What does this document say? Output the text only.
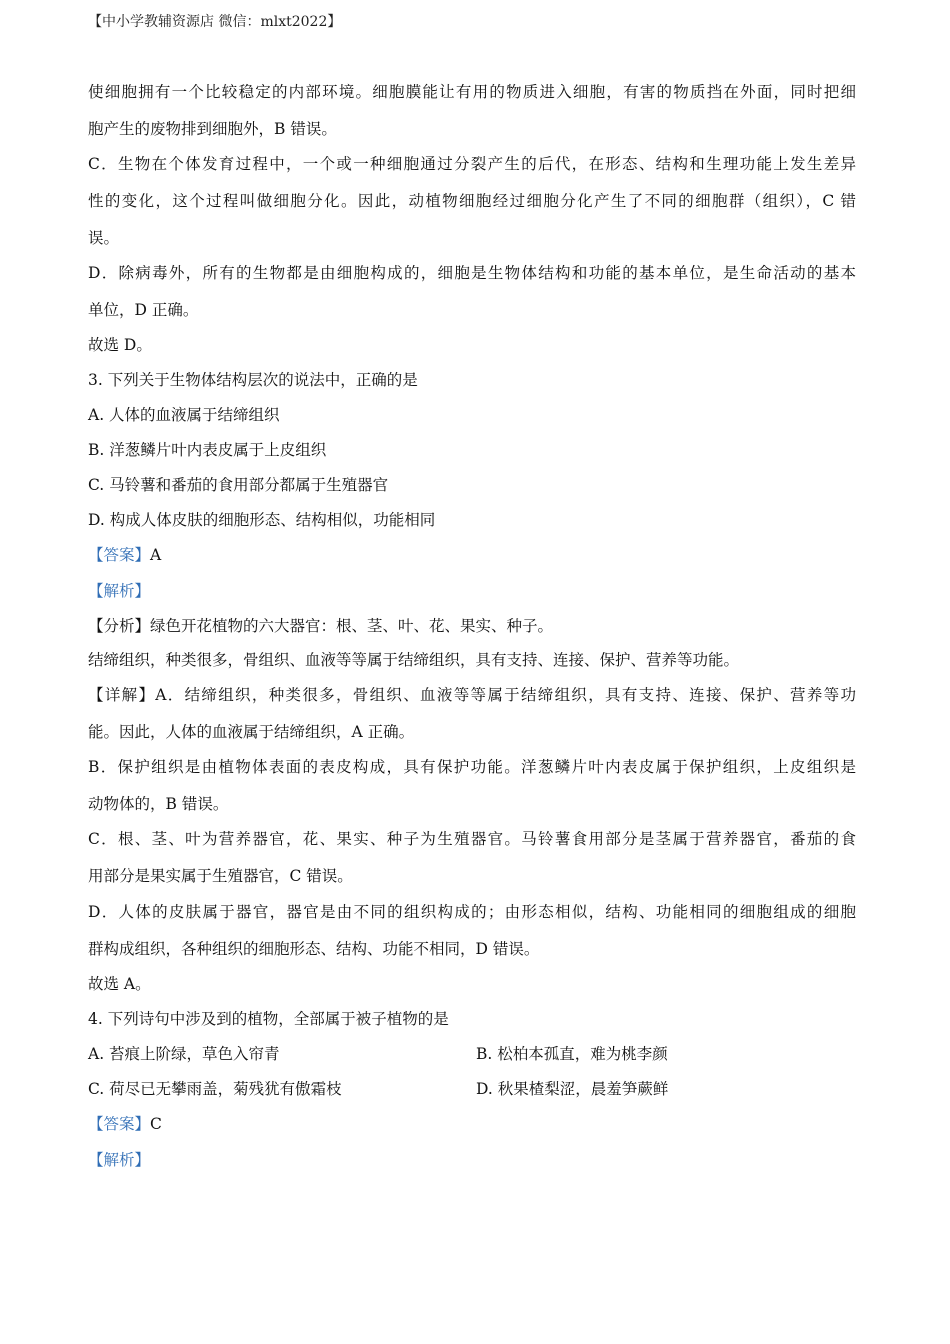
【中小学教辅资源店 微信：mlxt2022】
使细胞拥有一个比较稳定的内部环境。细胞膜能让有用的物质进入细胞，有害的物质挡在外面，同时把细
胞产生的废物排到细胞外，B 错误。
C．生物在个体发育过程中，一个或一种细胞通过分裂产生的后代，在形态、结构和生理功能上发生差异
性的变化，这个过程叫做细胞分化。因此，动植物细胞经过细胞分化产生了不同的细胞群（组织），C 错
误。
D．除病毒外，所有的生物都是由细胞构成的，细胞是生物体结构和功能的基本单位，是生命活动的基本
单位，D 正确。
故选 D。
3. 下列关于生物体结构层次的说法中，正确的是
A. 人体的血液属于结缔组织
B. 洋葱鳞片叶内表皮属于上皮组织
C. 马铃薯和番茄的食用部分都属于生殖器官
D. 构成人体皮肤的细胞形态、结构相似，功能相同
【答案】A
【解析】
【分析】绿色开花植物的六大器官：根、茎、叶、花、果实、种子。
结缔组织，种类很多，骨组织、血液等等属于结缔组织，具有支持、连接、保护、营养等功能。
【详解】A．结缔组织，种类很多，骨组织、血液等等属于结缔组织，具有支持、连接、保护、营养等功
能。因此，人体的血液属于结缔组织，A 正确。
B．保护组织是由植物体表面的表皮构成，具有保护功能。洋葱鳞片叶内表皮属于保护组织，上皮组织是
动物体的，B 错误。
C．根、茎、叶为营养器官，花、果实、种子为生殖器官。马铃薯食用部分是茎属于营养器官，番茄的食
用部分是果实属于生殖器官，C 错误。
D．人体的皮肤属于器官，器官是由不同的组织构成的；由形态相似，结构、功能相同的细胞组成的细胞
群构成组织，各种组织的细胞形态、结构、功能不相同，D 错误。
故选 A。
4. 下列诗句中涉及到的植物，全部属于被子植物的是
A. 苔痕上阶绿，草色入帘青	B. 松柏本孤直，难为桃李颜
C. 荷尽已无攀雨盖，菊残犹有傲霜枝	D. 秋果楂梨涩，晨羞笋蕨鲜
【答案】C
【解析】
